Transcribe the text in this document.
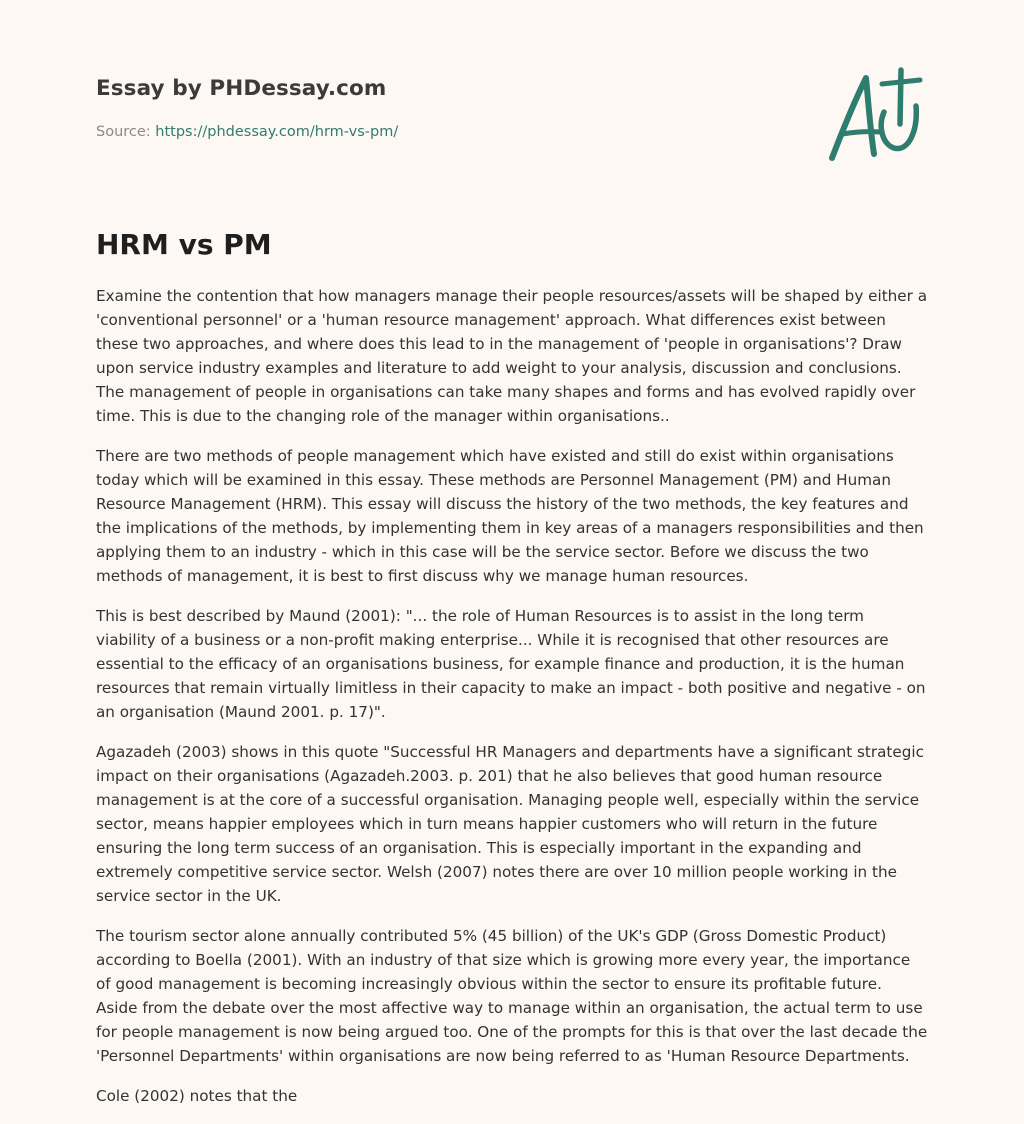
Essay by PHDessay.com
Source: https://phdessay.com/hrm-vs-pm/
HRM vs PM

Examine the contention that how managers manage their people resources/assets will be shaped by either a 'conventional personnel' or a 'human resource management' approach. What differences exist between these two approaches, and where does this lead to in the management of 'people in organisations'? Draw upon service industry examples and literature to add weight to your analysis, discussion and conclusions. The management of people in organisations can take many shapes and forms and has evolved rapidly over time. This is due to the changing role of the manager within organisations..

There are two methods of people management which have existed and still do exist within organisations today which will be examined in this essay. These methods are Personnel Management (PM) and Human Resource Management (HRM). This essay will discuss the history of the two methods, the key features and the implications of the methods, by implementing them in key areas of a managers responsibilities and then applying them to an industry - which in this case will be the service sector. Before we discuss the two methods of management, it is best to first discuss why we manage human resources.

This is best described by Maund (2001): "... the role of Human Resources is to assist in the long term viability of a business or a non-profit making enterprise... While it is recognised that other resources are essential to the efficacy of an organisations business, for example finance and production, it is the human resources that remain virtually limitless in their capacity to make an impact - both positive and negative - on an organisation (Maund 2001. p. 17)".

Agazadeh (2003) shows in this quote "Successful HR Managers and departments have a significant strategic impact on their organisations (Agazadeh.2003. p. 201) that he also believes that good human resource management is at the core of a successful organisation. Managing people well, especially within the service sector, means happier employees which in turn means happier customers who will return in the future ensuring the long term success of an organisation. This is especially important in the expanding and extremely competitive service sector. Welsh (2007) notes there are over 10 million people working in the service sector in the UK.

The tourism sector alone annually contributed 5% (45 billion) of the UK's GDP (Gross Domestic Product) according to Boella (2001). With an industry of that size which is growing more every year, the importance of good management is becoming increasingly obvious within the sector to ensure its profitable future. Aside from the debate over the most affective way to manage within an organisation, the actual term to use for people management is now being argued too. One of the prompts for this is that over the last decade the 'Personnel Departments' within organisations are now being referred to as 'Human Resource Departments.

Cole (2002) notes that the
